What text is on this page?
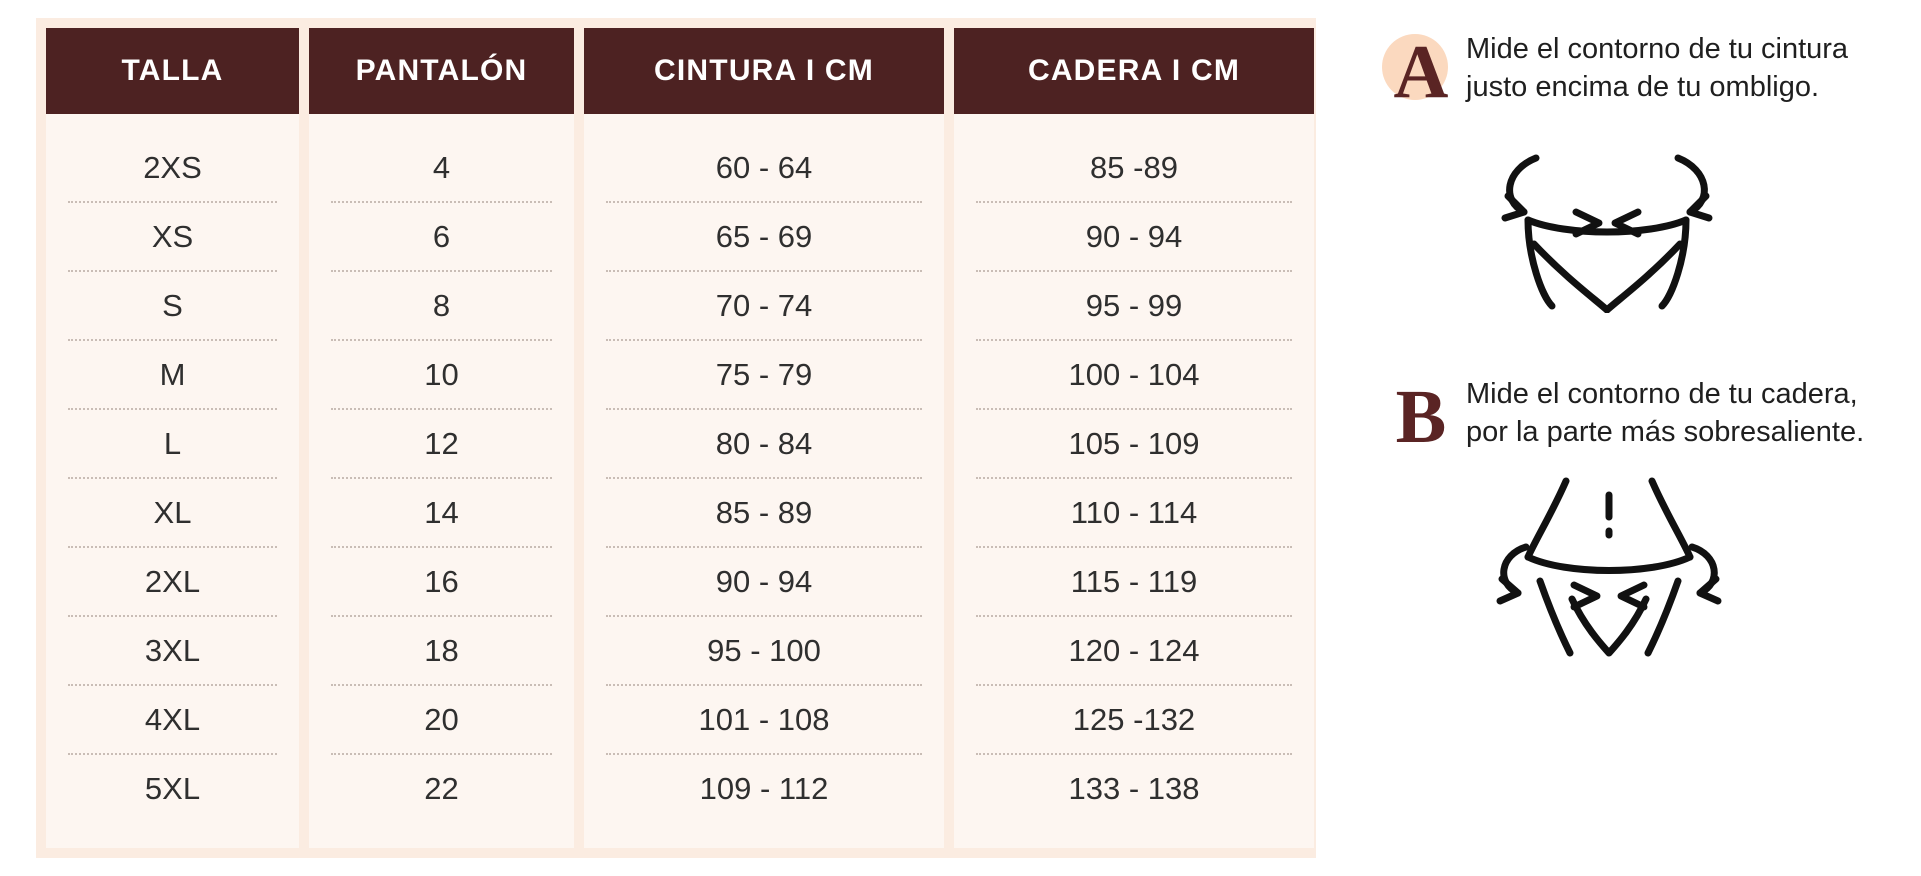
TALLA
2XS
XS
S
M
L
XL
2XL
3XL
4XL
5XL
PANTALÓN
4
6
8
10
12
14
16
18
20
22
CINTURA I CM
60 - 64
65 - 69
70 - 74
75 - 79
80 - 84
85 - 89
90 - 94
95 - 100
101 - 108
109 - 112
CADERA I CM
85 -89
90 - 94
95 - 99
100 - 104
105 - 109
110 - 114
115 - 119
120 - 124
125 -132
133 - 138
A Mide el contorno de tu cintura justo encima de tu ombligo.
B Mide el contorno de tu cadera, por la parte más sobresaliente.
